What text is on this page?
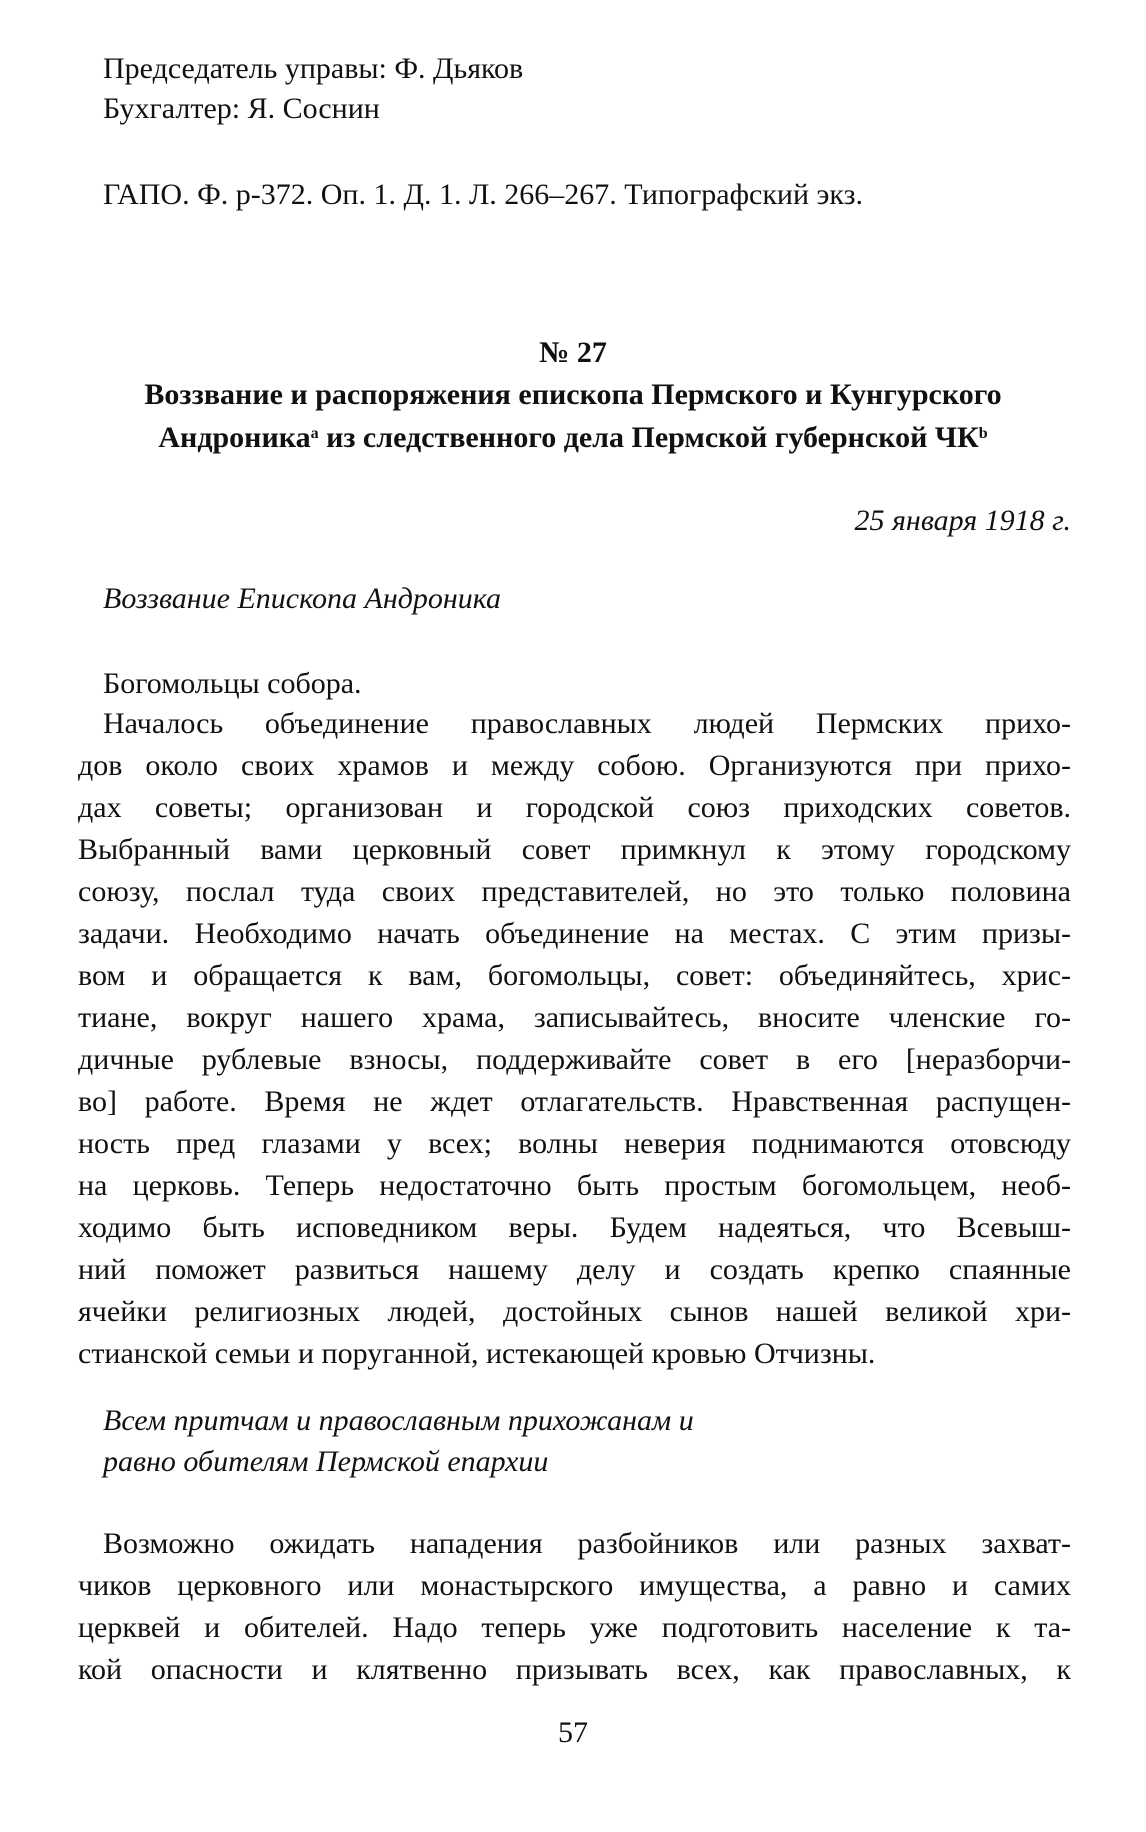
Председатель управы: Ф. Дьяков
Бухгалтер: Я. Соснин
ГАПО. Ф. р-372. Оп. 1. Д. 1. Л. 266–267. Типографский экз.
№ 27
Воззвание и распоряжения епископа Пермского и Кунгурского
Андроника$^a$ из следственного дела Пермской губернской $ЧК^b$
25 января 1918 г.
Воззвание Епископа Андроника
Богомольцы собора.
Началось объединение православных людей Пермских прихо-
дов около своих храмов и между собою. Организуются при прихо-
дах советы; организован и городской союз приходских советов.
Выбранный вами церковный совет примкнул к этому городскому
союзу, послал туда своих представителей, но это только половина
задачи. Необходимо начать объединение на местах. С этим призы-
вом и обращается к вам, богомольцы, совет: объединяйтесь, хрис-
тиане, вокруг нашего храма, записывайтесь, вносите членские го-
дичные рублевые взносы, поддерживайте совет в его [неразборчи-
во] работе. Время не ждет отлагательств. Нравственная распущен-
ность пред глазами у всех; волны неверия поднимаются отовсюду
на церковь. Теперь недостаточно быть простым богомольцем, необ-
ходимо быть исповедником веры. Будем надеяться, что Всевыш-
ний поможет развиться нашему делу и создать крепко спаянные
ячейки религиозных людей, достойных сынов нашей великой хри-
стианской семьи и поруганной, истекающей кровью Отчизны.
Всем притчам и православным прихожанам и
равно обителям Пермской епархии
Возможно ожидать нападения разбойников или разных захват-
чиков церковного или монастырского имущества, а равно и самих
церквей и обителей. Надо теперь уже подготовить население к та-
кой опасности и клятвенно призывать всех, как православных, к
57
